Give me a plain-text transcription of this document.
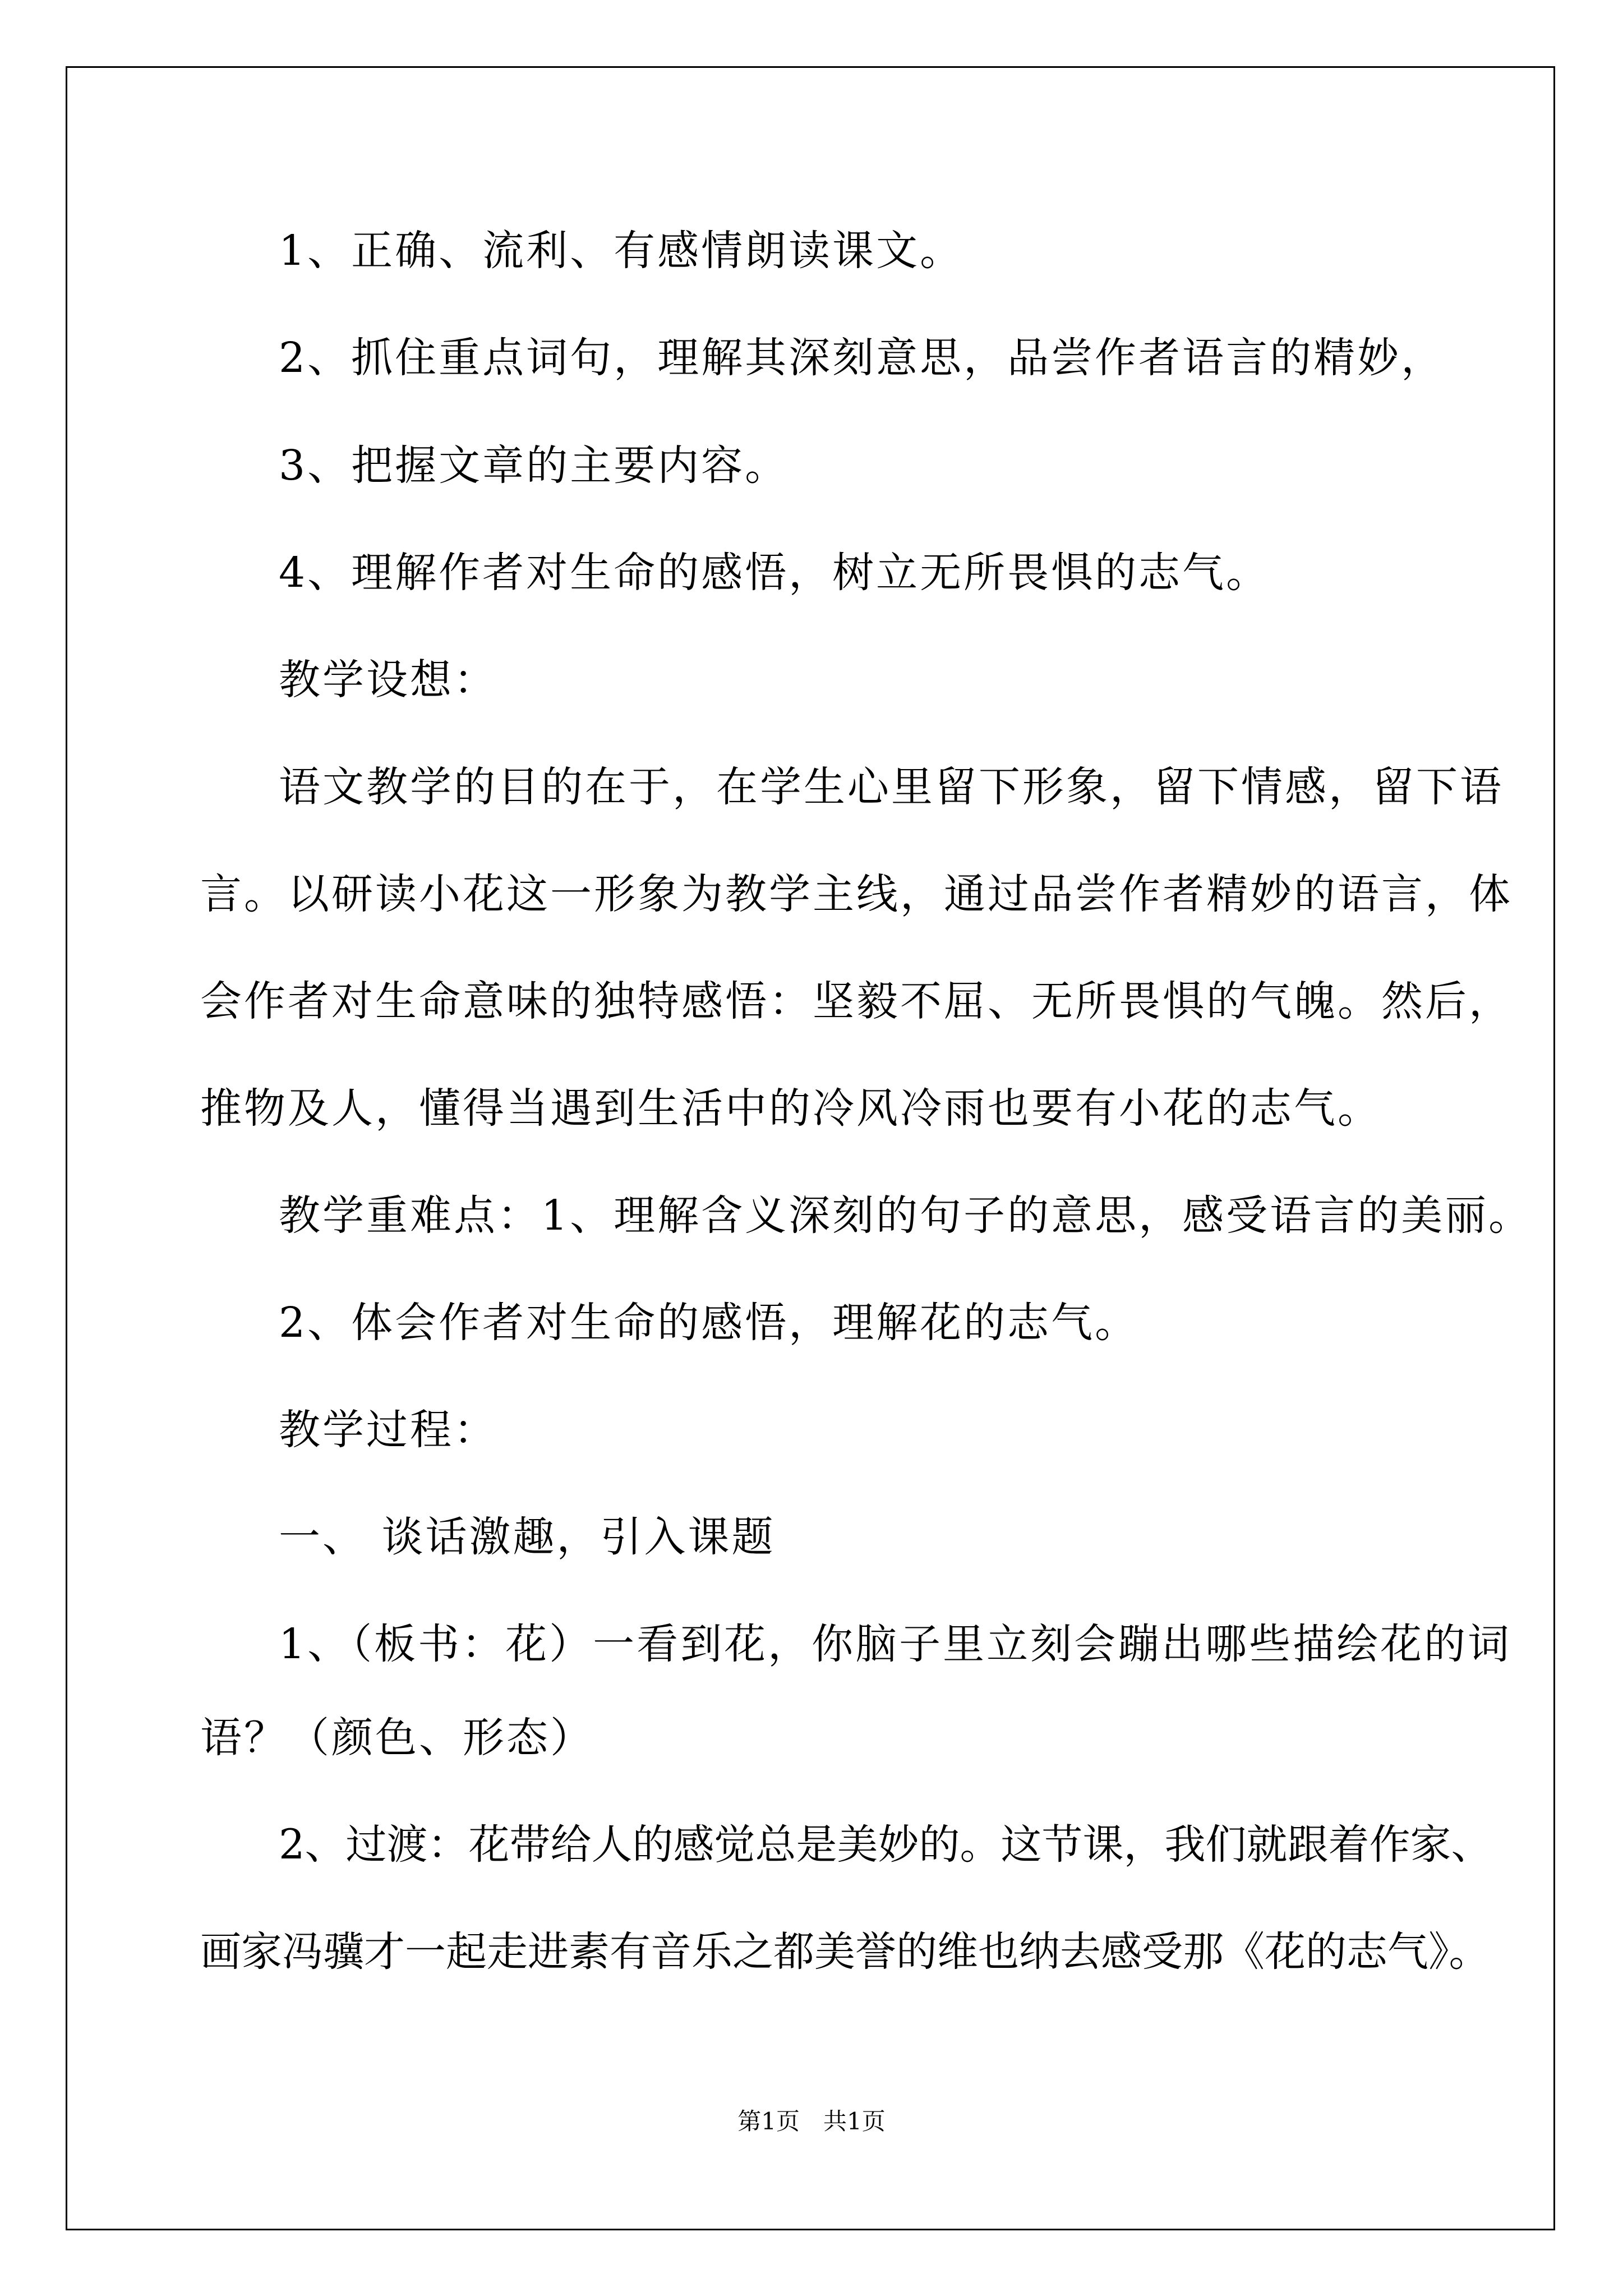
1、正确、流利、有感情朗读课文。
2、抓住重点词句，理解其深刻意思，品尝作者语言的精妙，
3、把握文章的主要内容。
4、理解作者对生命的感悟，树立无所畏惧的志气。
教学设想：
语文教学的目的在于，在学生心里留下形象，留下情感，留下语
言。以研读小花这一形象为教学主线，通过品尝作者精妙的语言，体
会作者对生命意味的独特感悟：坚毅不屈、无所畏惧的气魄。然后，
推物及人，懂得当遇到生活中的冷风冷雨也要有小花的志气。
教学重难点：1、理解含义深刻的句子的意思，感受语言的美丽。
2、体会作者对生命的感悟，理解花的志气。
教学过程：
一、 谈话激趣，引入课题
1、（板书：花）一看到花，你脑子里立刻会蹦出哪些描绘花的词
语？（颜色、形态）
2、过渡：花带给人的感觉总是美妙的。这节课，我们就跟着作家、
画家冯骥才一起走进素有音乐之都美誉的维也纳去感受那《花的志气》。
第1页　共1页
